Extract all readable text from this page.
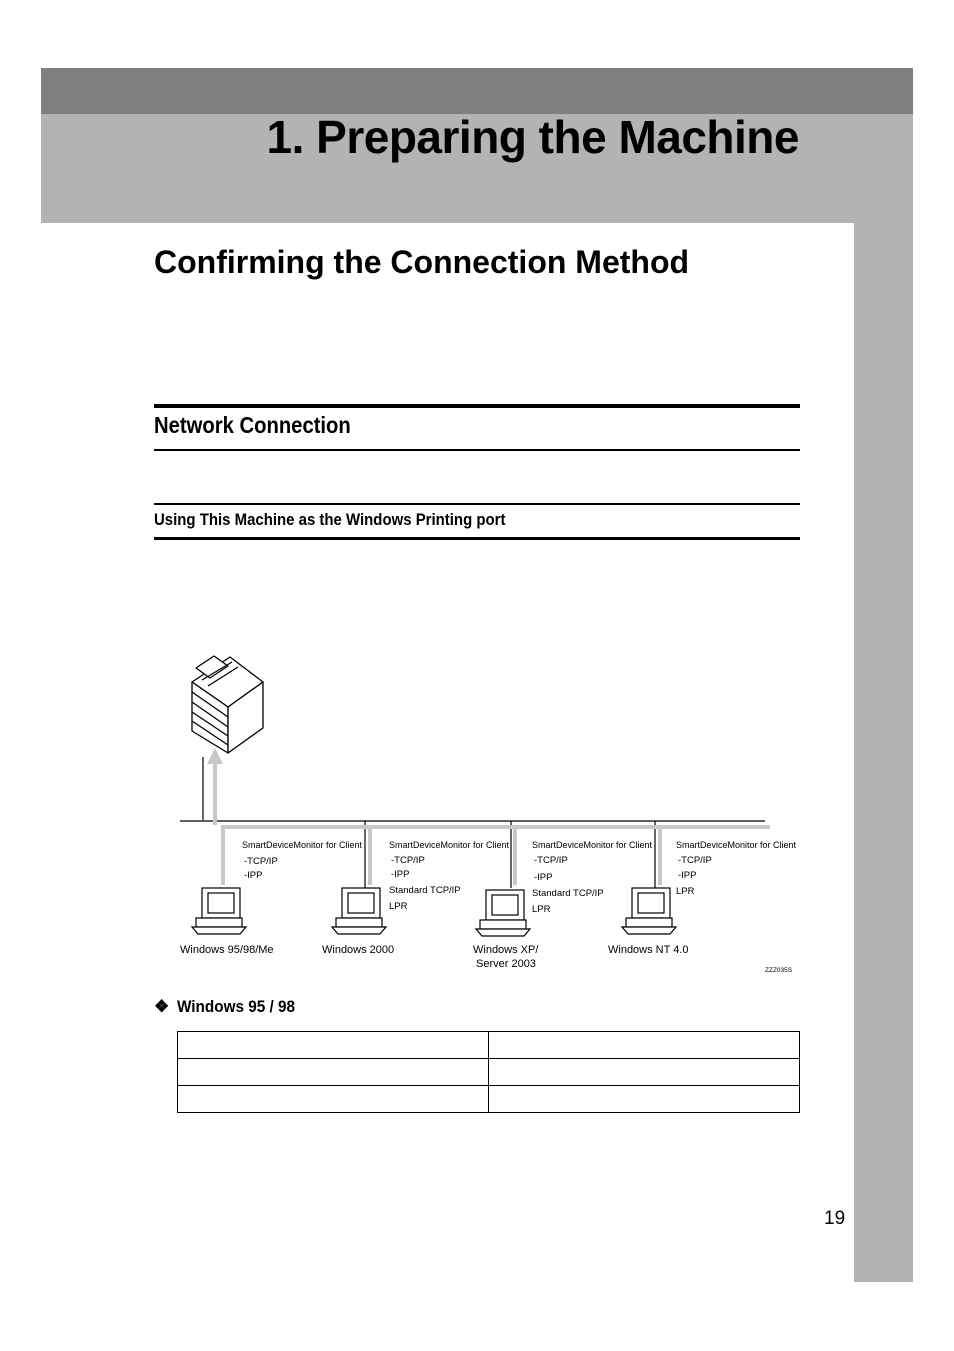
1. Preparing the Machine
Confirming the Connection Method
Network Connection
Using This Machine as the Windows Printing port
SmartDeviceMonitor for Client
-TCP/IP
-IPP
Windows 95/98/Me
SmartDeviceMonitor for Client
-TCP/IP
-IPP
Standard TCP/IP
LPR
Windows 2000
SmartDeviceMonitor for Client
-TCP/IP
-IPP
Standard TCP/IP
LPR
Windows XP/
Server 2003
SmartDeviceMonitor for Client
-TCP/IP
-IPP
LPR
Windows NT 4.0
ZZZ035S
❖ Windows 95 / 98

19
